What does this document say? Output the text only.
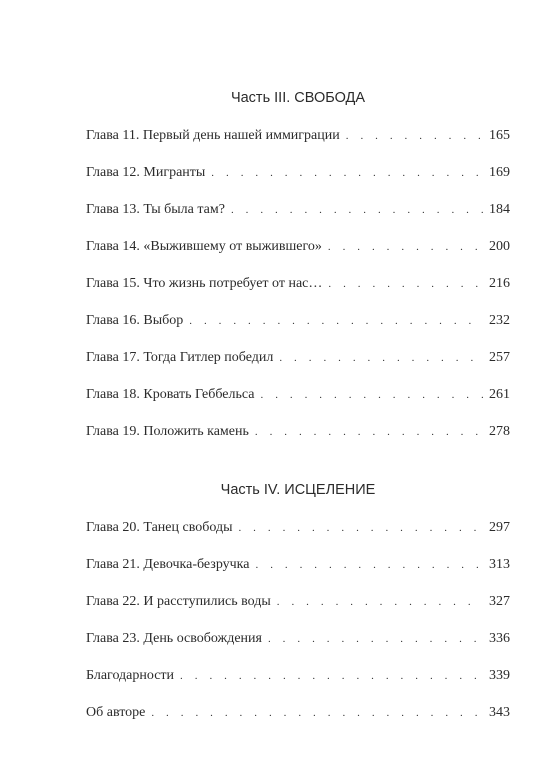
Часть III. СВОБОДА
Глава 11. Первый день нашей иммиграции . . .	165
Глава 12. Мигранты . . .	169
Глава 13. Ты была там? . . .	184
Глава 14. «Выжившему от выжившего» . . .	200
Глава 15. Что жизнь потребует от нас… . . .	216
Глава 16. Выбор . . .	232
Глава 17. Тогда Гитлер победил . . .	257
Глава 18. Кровать Геббельса . . .	261
Глава 19. Положить камень . . .	278
Часть IV. ИСЦЕЛЕНИЕ
Глава 20. Танец свободы . . .	297
Глава 21. Девочка-безручка . . .	313
Глава 22. И расступились воды . . .	327
Глава 23. День освобождения . . .	336
Благодарности . . .	339
Об авторе . . .	343
